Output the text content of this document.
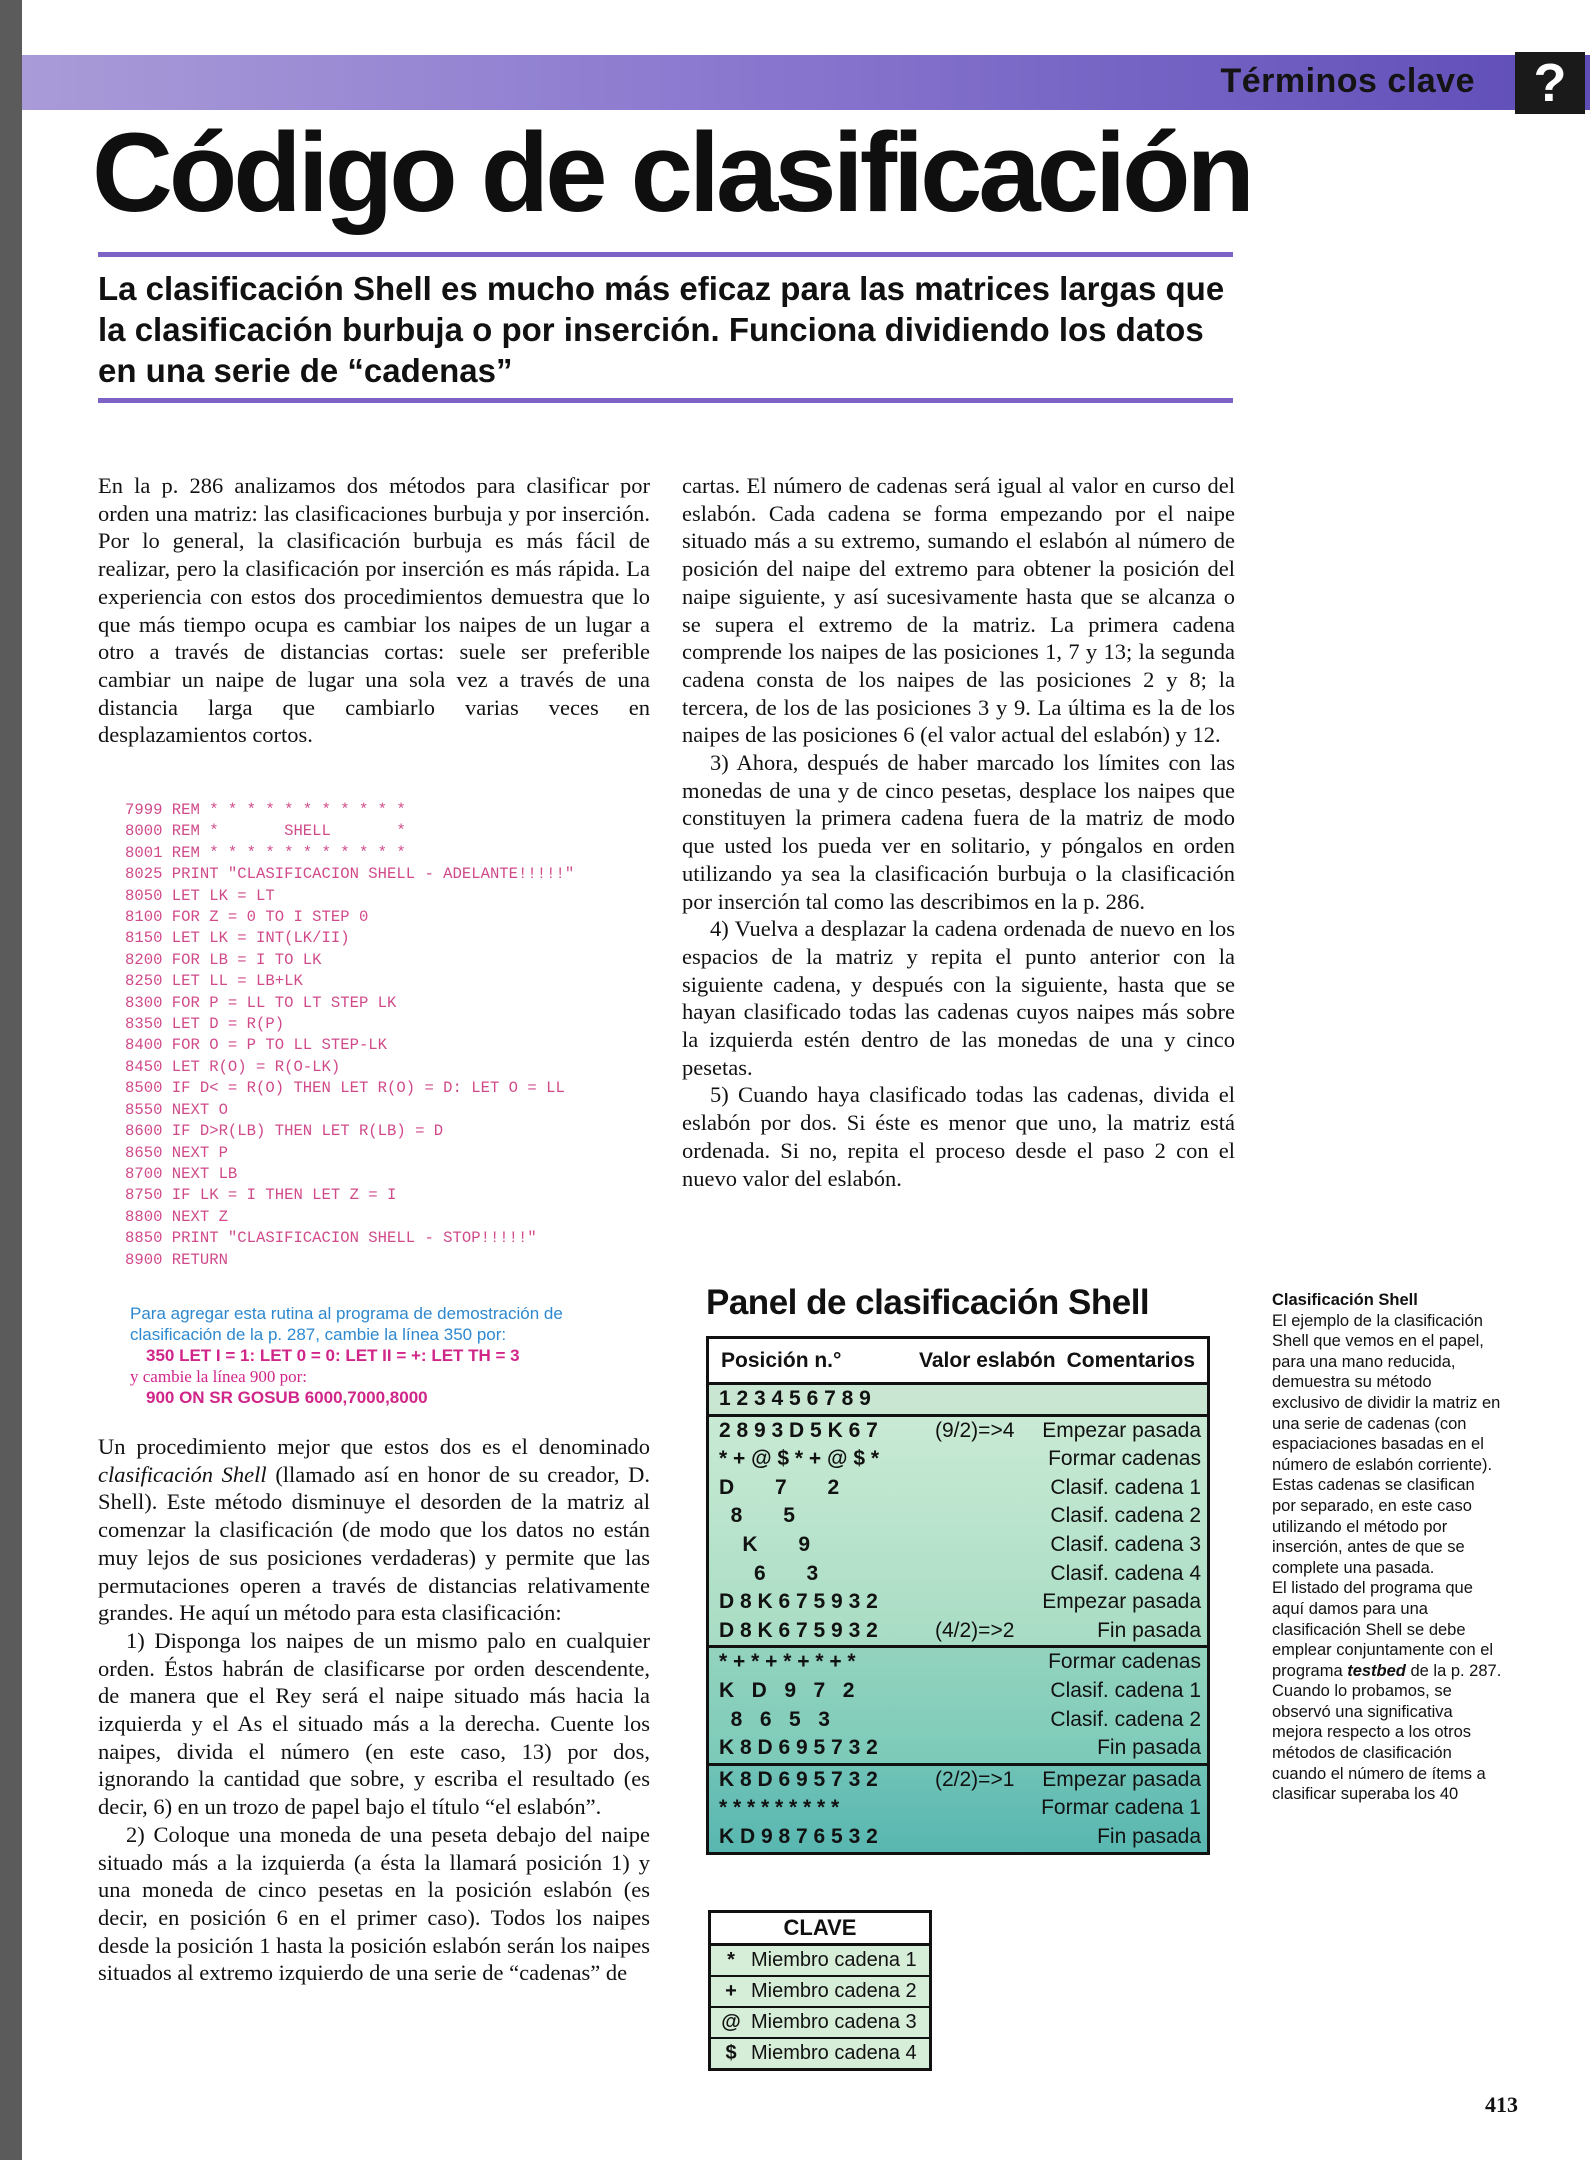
Términos clave	?
Código de clasificación
La clasificación Shell es mucho más eficaz para las matrices largas que la clasificación burbuja o por inserción. Funciona dividiendo los datos en una serie de “cadenas”

En la p. 286 analizamos dos métodos para clasificar por orden una matriz: las clasificaciones burbuja y por inserción. Por lo general, la clasificación burbuja es más fácil de realizar, pero la clasificación por inserción es más rápida. La experiencia con estos dos procedimientos demuestra que lo que más tiempo ocupa es cambiar los naipes de un lugar a otro a través de distancias cortas: suele ser preferible cambiar un naipe de lugar una sola vez a través de una distancia larga que cambiarlo varias veces en desplazamientos cortos.

7999 REM * * * * * * * * * * *
8000 REM *       SHELL       *
8001 REM * * * * * * * * * * *
8025 PRINT "CLASIFICACION SHELL - ADELANTE!!!!!"
8050 LET LK = LT
8100 FOR Z = 0 TO I STEP 0
8150 LET LK = INT(LK/II)
8200 FOR LB = I TO LK
8250 LET LL = LB+LK
8300 FOR P = LL TO LT STEP LK
8350 LET D = R(P)
8400 FOR O = P TO LL STEP-LK
8450 LET R(O) = R(O-LK)
8500 IF D< = R(O) THEN LET R(O) = D: LET O = LL
8550 NEXT O
8600 IF D>R(LB) THEN LET R(LB) = D
8650 NEXT P
8700 NEXT LB
8750 IF LK = I THEN LET Z = I
8800 NEXT Z
8850 PRINT "CLASIFICACION SHELL - STOP!!!!!"
8900 RETURN
Para agregar esta rutina al programa de demostración de clasificación de la p. 287, cambie la línea 350 por:
350 LET I = 1: LET 0 = 0: LET II = +: LET TH = 3
y cambie la línea 900 por:
900 ON SR GOSUB 6000,7000,8000

Un procedimiento mejor que estos dos es el denominado clasificación Shell (llamado así en honor de su creador, D. Shell). Este método disminuye el desorden de la matriz al comenzar la clasificación (de modo que los datos no están muy lejos de sus posiciones verdaderas) y permite que las permutaciones operen a través de distancias relativamente grandes. He aquí un método para esta clasificación:

1) Disponga los naipes de un mismo palo en cualquier orden. Éstos habrán de clasificarse por orden descendente, de manera que el Rey será el naipe situado más hacia la izquierda y el As el situado más a la derecha. Cuente los naipes, divida el número (en este caso, 13) por dos, ignorando la cantidad que sobre, y escriba el resultado (es decir, 6) en un trozo de papel bajo el título “el eslabón”.

2) Coloque una moneda de una peseta debajo del naipe situado más a la izquierda (a ésta la llamará posición 1) y una moneda de cinco pesetas en la posición eslabón (es decir, en posición 6 en el primer caso). Todos los naipes desde la posición 1 hasta la posición eslabón serán los naipes situados al extremo izquierdo de una serie de “cadenas” de

cartas. El número de cadenas será igual al valor en curso del eslabón. Cada cadena se forma empezando por el naipe situado más a su extremo, sumando el eslabón al número de posición del naipe del extremo para obtener la posición del naipe siguiente, y así sucesivamente hasta que se alcanza o se supera el extremo de la matriz. La primera cadena comprende los naipes de las posiciones 1, 7 y 13; la segunda cadena consta de los naipes de las posiciones 2 y 8; la tercera, de los de las posiciones 3 y 9. La última es la de los naipes de las posiciones 6 (el valor actual del eslabón) y 12.

3) Ahora, después de haber marcado los límites con las monedas de una y de cinco pesetas, desplace los naipes que constituyen la primera cadena fuera de la matriz de modo que usted los pueda ver en solitario, y póngalos en orden utilizando ya sea la clasificación burbuja o la clasificación por inserción tal como las describimos en la p. 286.

4) Vuelva a desplazar la cadena ordenada de nuevo en los espacios de la matriz y repita el punto anterior con la siguiente cadena, y después con la siguiente, hasta que se hayan clasificado todas las cadenas cuyos naipes más sobre la izquierda estén dentro de las monedas de una y cinco pesetas.

5) Cuando haya clasificado todas las cadenas, divida el eslabón por dos. Si éste es menor que uno, la matriz está ordenada. Si no, repita el proceso desde el paso 2 con el nuevo valor del eslabón.

Panel de clasificación Shell
Posición n.°	Valor eslabón Comentarios
1 2 3 4 5 6 7 8 9
2 8 9 3 D 5 K 6 7	(9/2)=>4 Empezar pasada
* + @ $ * + @ $ *	Formar cadenas
D       7       2	Clasif. cadena 1
8       5	Clasif. cadena 2
K       9	Clasif. cadena 3
6       3	Clasif. cadena 4
D 8 K 6 7 5 9 3 2	Empezar pasada
D 8 K 6 7 5 9 3 2	(4/2)=>2	Fin pasada
* + * + * + * + *	Formar cadenas
K   D   9   7   2	Clasif. cadena 1
8   6   5   3	Clasif. cadena 2
K 8 D 6 9 5 7 3 2	Fin pasada
K 8 D 6 9 5 7 3 2	(2/2)=>1 Empezar pasada
* * * * * * * * *	Formar cadena 1
K D 9 8 7 6 5 3 2	Fin pasada
CLAVE
* Miembro cadena 1
+ Miembro cadena 2
@ Miembro cadena 3
$ Miembro cadena 4

Clasificación Shell

El ejemplo de la clasificación Shell que vemos en el papel, para una mano reducida, demuestra su método exclusivo de dividir la matriz en una serie de cadenas (con espaciaciones basadas en el número de eslabón corriente). Estas cadenas se clasifican por separado, en este caso utilizando el método por inserción, antes de que se complete una pasada.

El listado del programa que aquí damos para una clasificación Shell se debe emplear conjuntamente con el programa testbed de la p. 287. Cuando lo probamos, se observó una significativa mejora respecto a los otros métodos de clasificación cuando el número de ítems a clasificar superaba los 40

413
